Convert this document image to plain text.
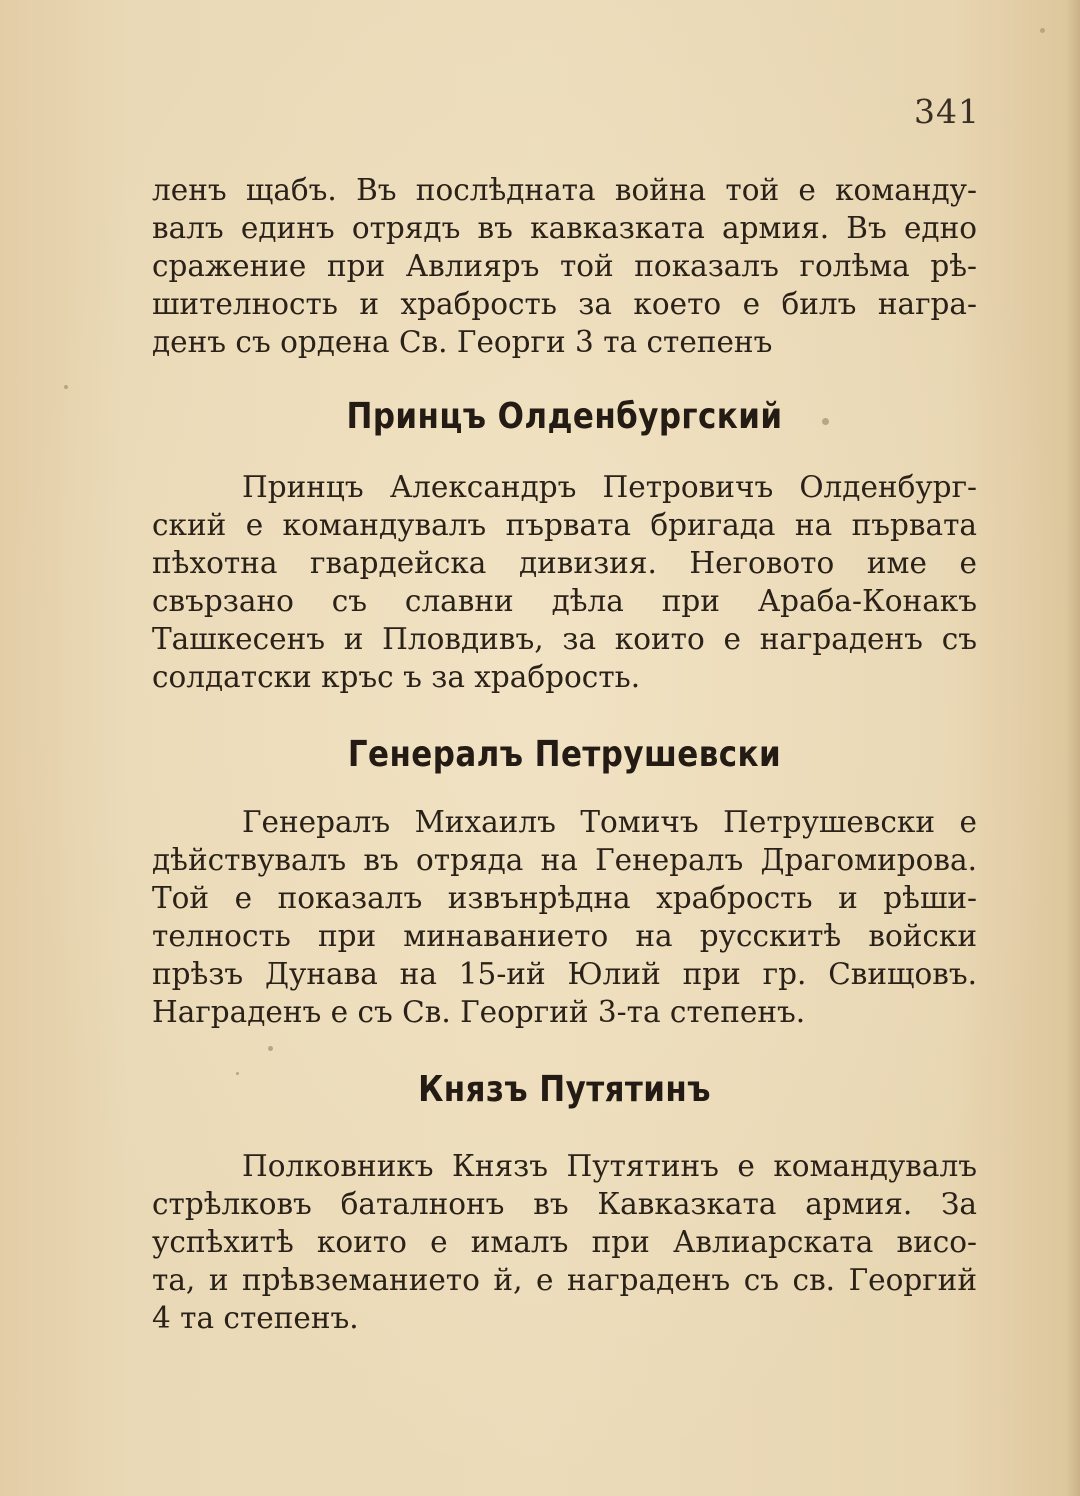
341
ленъ щабъ. Въ послѣдната война той е команду-
валъ единъ отрядъ въ кавказката армия. Въ едно
сражение при Авлияръ той показалъ голѣма рѣ-
шителность и храбрость за което е билъ награ-
денъ съ ордена Св. Георги 3 та степенъ
Принцъ Олденбургский
Принцъ Александръ Петровичъ Олденбург-
ский е командувалъ първата бригада на първата
пѣхотна гвардейска дивизия. Неговото име е
свързано съ славни дѣла при Араба-Конакъ
Ташкесенъ и Пловдивъ, за които е награденъ съ
солдатски кръс ъ за храбрость.
Генералъ Петрушевски
Генералъ Михаилъ Томичъ Петрушевски е
дѣйствувалъ въ отряда на Генералъ Драгомирова.
Той е показалъ извънрѣдна храбрость и рѣши-
телность при минаванието на русскитѣ войски
прѣзъ Дунава на 15-ий Юлий при гр. Свищовъ.
Награденъ е съ Св. Георгий 3-та степенъ.
Князъ Путятинъ
Полковникъ Князъ Путятинъ е командувалъ
стрѣлковъ баталнонъ въ Кавказката армия. За
успѣхитѣ които е ималъ при Авлиарската висо-
та, и прѣвземанието й, е награденъ съ св. Георгий
4 та степенъ.
